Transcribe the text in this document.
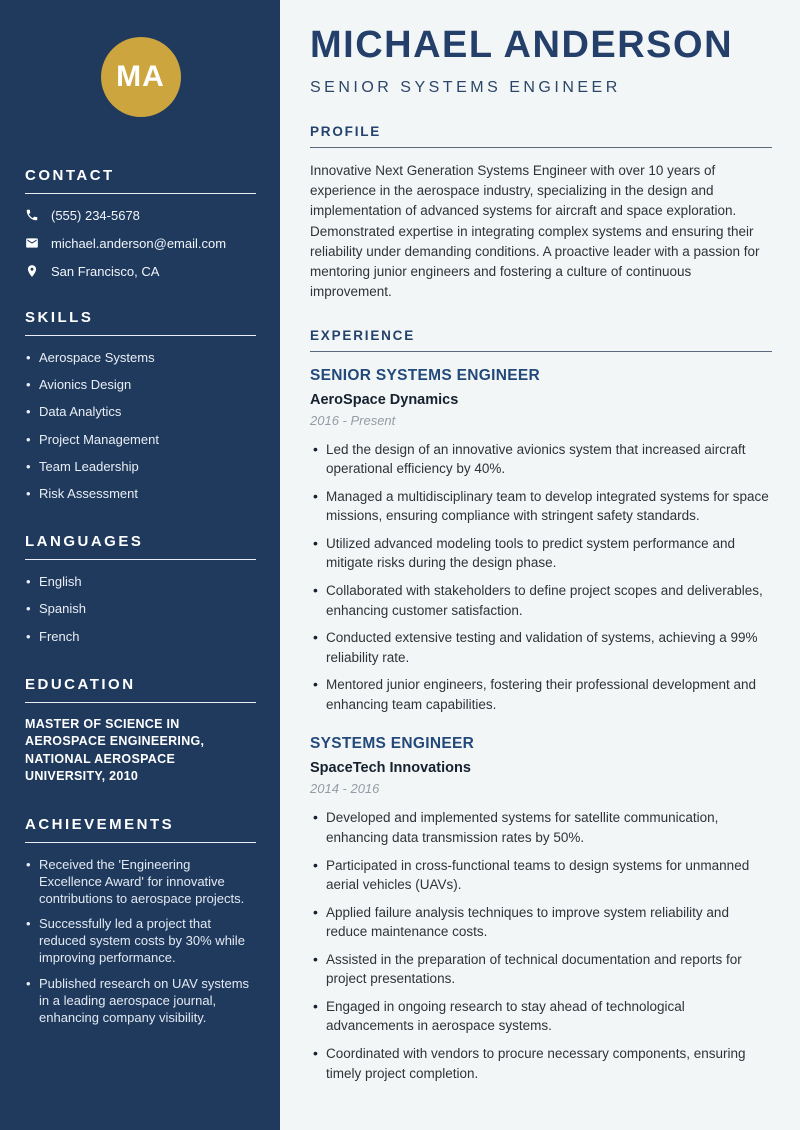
MA
CONTACT
(555) 234-5678
michael.anderson@email.com
San Francisco, CA
SKILLS
• Aerospace Systems
• Avionics Design
• Data Analytics
• Project Management
• Team Leadership
• Risk Assessment
LANGUAGES
• English
• Spanish
• French
EDUCATION

MASTER OF SCIENCE IN AEROSPACE ENGINEERING, NATIONAL AEROSPACE UNIVERSITY, 2010

ACHIEVEMENTS
• Received the 'Engineering Excellence Award' for innovative contributions to aerospace projects.
• Successfully led a project that reduced system costs by 30% while improving performance.
• Published research on UAV systems in a leading aerospace journal, enhancing company visibility.
MICHAEL ANDERSON
SENIOR SYSTEMS ENGINEER
PROFILE

Innovative Next Generation Systems Engineer with over 10 years of experience in the aerospace industry, specializing in the design and implementation of advanced systems for aircraft and space exploration. Demonstrated expertise in integrating complex systems and ensuring their reliability under demanding conditions. A proactive leader with a passion for mentoring junior engineers and fostering a culture of continuous improvement.

EXPERIENCE
SENIOR SYSTEMS ENGINEER
AeroSpace Dynamics
2016 - Present
• Led the design of an innovative avionics system that increased aircraft operational efficiency by 40%.
• Managed a multidisciplinary team to develop integrated systems for space missions, ensuring compliance with stringent safety standards.
• Utilized advanced modeling tools to predict system performance and mitigate risks during the design phase.
• Collaborated with stakeholders to define project scopes and deliverables, enhancing customer satisfaction.
• Conducted extensive testing and validation of systems, achieving a 99% reliability rate.
• Mentored junior engineers, fostering their professional development and enhancing team capabilities.
SYSTEMS ENGINEER
SpaceTech Innovations
2014 - 2016
• Developed and implemented systems for satellite communication, enhancing data transmission rates by 50%.
• Participated in cross-functional teams to design systems for unmanned aerial vehicles (UAVs).
• Applied failure analysis techniques to improve system reliability and reduce maintenance costs.
• Assisted in the preparation of technical documentation and reports for project presentations.
• Engaged in ongoing research to stay ahead of technological advancements in aerospace systems.
• Coordinated with vendors to procure necessary components, ensuring timely project completion.
